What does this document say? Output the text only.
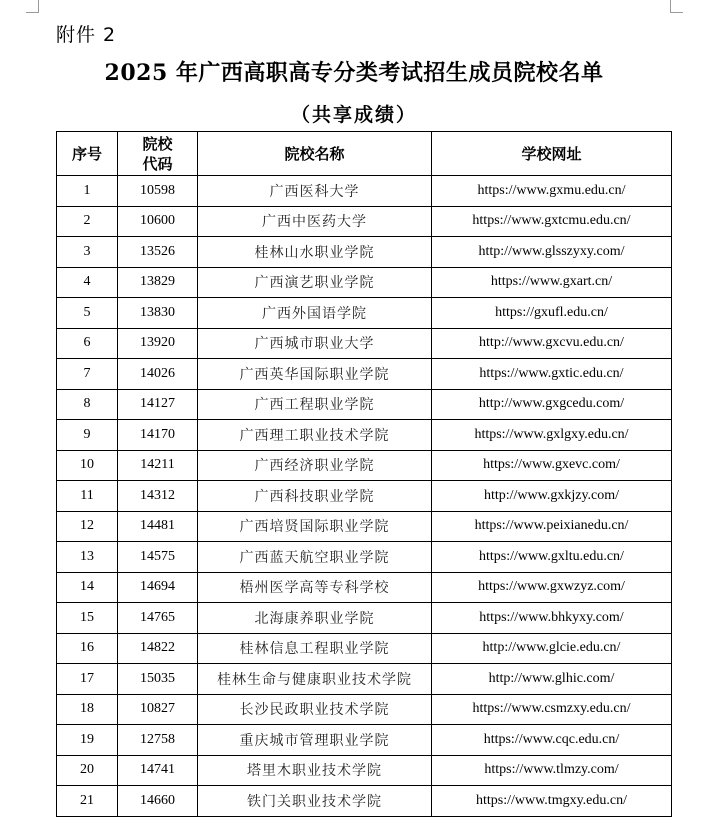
附件 2
2025 年广西高职高专分类考试招生成员院校名单
（共享成绩）
序号	院校代码	院校名称	学校网址
1	10598	广西医科大学	https://www.gxmu.edu.cn/
2	10600	广西中医药大学	https://www.gxtcmu.edu.cn/
3	13526	桂林山水职业学院	http://www.glsszyxy.com/
4	13829	广西演艺职业学院	https://www.gxart.cn/
5	13830	广西外国语学院	https://gxufl.edu.cn/
6	13920	广西城市职业大学	http://www.gxcvu.edu.cn/
7	14026	广西英华国际职业学院	https://www.gxtic.edu.cn/
8	14127	广西工程职业学院	http://www.gxgcedu.com/
9	14170	广西理工职业技术学院	https://www.gxlgxy.edu.cn/
10	14211	广西经济职业学院	https://www.gxevc.com/
11	14312	广西科技职业学院	http://www.gxkjzy.com/
12	14481	广西培贤国际职业学院	https://www.peixianedu.cn/
13	14575	广西蓝天航空职业学院	https://www.gxltu.edu.cn/
14	14694	梧州医学高等专科学校	https://www.gxwzyz.com/
15	14765	北海康养职业学院	https://www.bhkyxy.com/
16	14822	桂林信息工程职业学院	http://www.glcie.edu.cn/
17	15035	桂林生命与健康职业技术学院	http://www.glhic.com/
18	10827	长沙民政职业技术学院	https://www.csmzxy.edu.cn/
19	12758	重庆城市管理职业学院	https://www.cqc.edu.cn/
20	14741	塔里木职业技术学院	https://www.tlmzy.com/
21	14660	铁门关职业技术学院	https://www.tmgxy.edu.cn/
